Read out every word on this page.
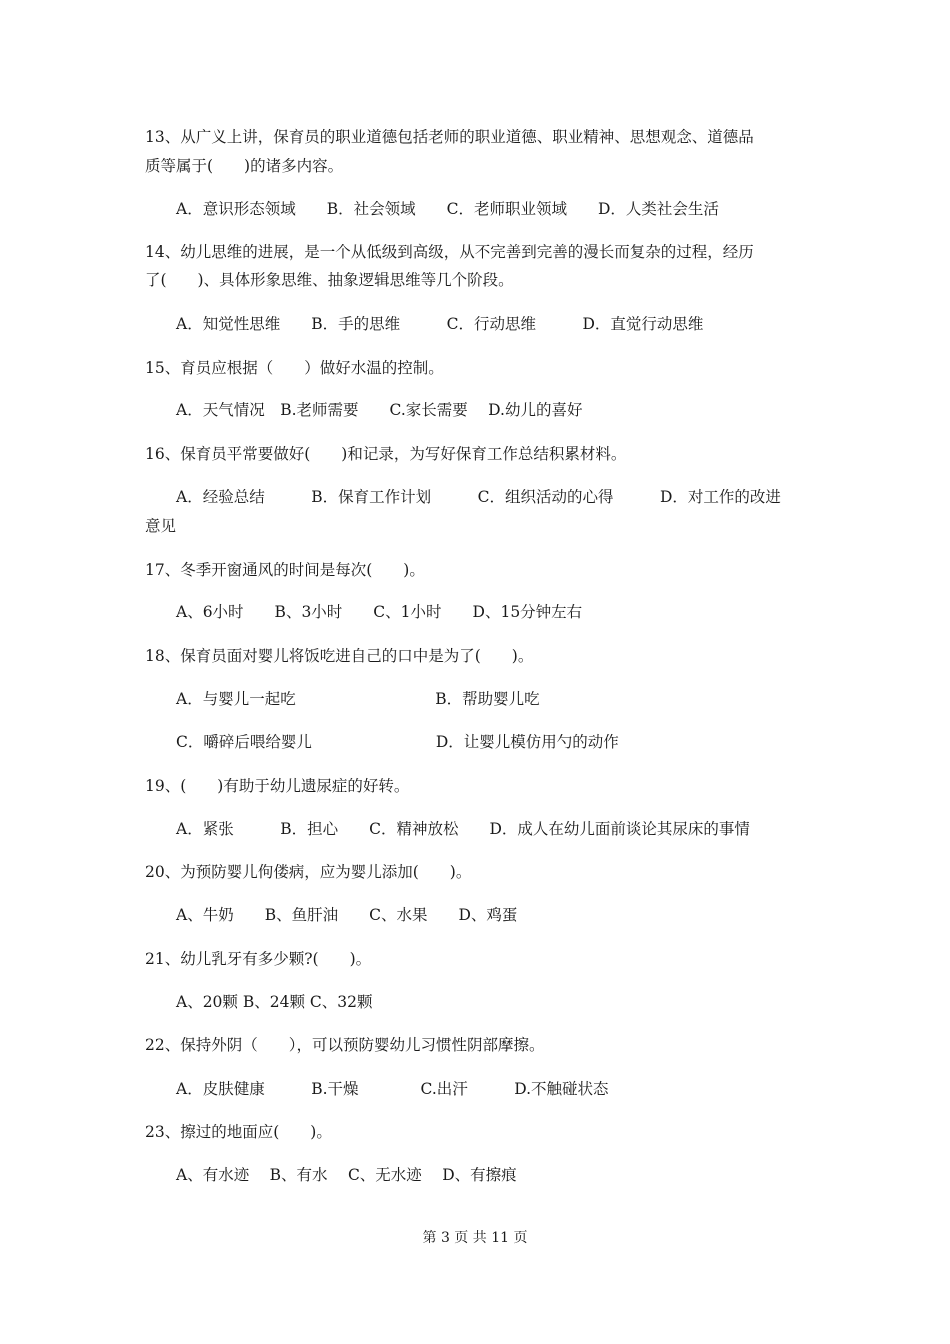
13、从广义上讲，保育员的职业道德包括老师的职业道德、职业精神、思想观念、道德品

质等属于(　　)的诸多内容。

A．意识形态领域　　B．社会领域　　C．老师职业领域　　D．人类社会生活

14、幼儿思维的进展，是一个从低级到高级，从不完善到完善的漫长而复杂的过程，经历

了(　　)、具体形象思维、抽象逻辑思维等几个阶段。

A．知觉性思维　　B．手的思维　　　C．行动思维　　　D．直觉行动思维

15、育员应根据（　　）做好水温的控制。

A．天气情况　B.老师需要　　C.家长需要　 D.幼儿的喜好

16、保育员平常要做好(　　)和记录，为写好保育工作总结积累材料。

A．经验总结　　　B．保育工作计划　　　C．组织活动的心得　　　D．对工作的改进

意见

17、冬季开窗通风的时间是每次(　　)。

A、6小时　　B、3小时　　C、1小时　　D、15分钟左右

18、保育员面对婴儿将饭吃进自己的口中是为了(　　)。

A．与婴儿一起吃　　　　　　　　　B．帮助婴儿吃

C．嚼碎后喂给婴儿　　　　　　　　D．让婴儿模仿用勺的动作

19、(　　)有助于幼儿遗尿症的好转。

A．紧张　　　B．担心　　C．精神放松　　D．成人在幼儿面前谈论其尿床的事情

20、为预防婴儿佝偻病，应为婴儿添加(　　)。

A、牛奶　　B、鱼肝油　　C、水果　　D、鸡蛋

21、幼儿乳牙有多少颗?(　　)。

A、20颗 B、24颗 C、32颗

22、保持外阴（　　），可以预防婴幼儿习惯性阴部摩擦。

A．皮肤健康　　　B.干燥　　　　C.出汗　　　D.不触碰状态

23、擦过的地面应(　　)。

A、有水迹　 B、有水　 C、无水迹　 D、有擦痕

第 3 页 共 11 页
